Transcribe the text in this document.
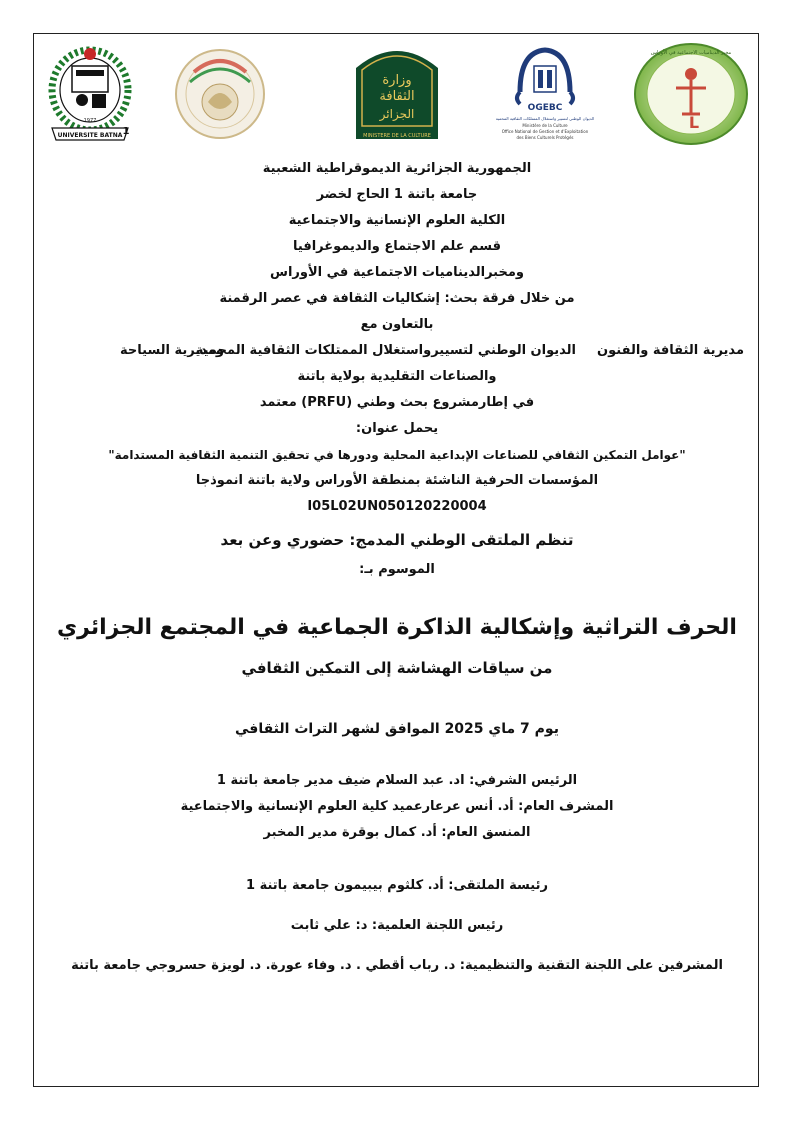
UNIVERSITE BATNA
1977
1
وزارة
الثقافة
الجزائر
MINISTERE DE LA CULTURE
OGEBC
الديوان الوطني لتسيير واستغلال الممتلكات الثقافية المحمية
Ministère de la Culture
Office National de Gestion et d'Exploitation
des Biens Culturels Protégés
L
مخبر الديناميات الاجتماعية في الأوراس
الجمهورية الجزائرية الديموقراطية الشعبية
جامعة باتنة 1 الحاج لخضر
الكلية العلوم الإنسانية والاجتماعية
قسم علم الاجتماع والديموغرافيا
ومخبرالديناميات الاجتماعية في الأوراس
من خلال فرقة بحث: إشكاليات الثقافة في عصر الرقمنة
بالتعاون مع
مديرية الثقافة والفنون
الديوان الوطني لتسييرواستغلال الممتلكات الثقافية المحمية
ومديرية السياحة
والصناعات التقليدية بولاية باتنة
في إطارمشروع بحث وطني (PRFU) معتمد
يحمل عنوان:
"عوامل التمكين الثقافي للصناعات الإبداعية المحلية ودورها في تحقيق التنمية الثقافية المستدامة"
المؤسسات الحرفية الناشئة بمنطقة الأوراس ولاية باتنة انموذجا
I05L02UN050120220004
تنظم الملتقى الوطني المدمج: حضوري وعن بعد
الموسوم بـ:
الحرف التراثية وإشكالية الذاكرة الجماعية في المجتمع الجزائري
من سياقات الهشاشة إلى التمكين الثقافي
يوم 7 ماي 2025 الموافق لشهر التراث الثقافي
الرئيس الشرفي: اد. عبد السلام ضيف مدير جامعة باتنة 1
المشرف العام: أد. أنس عرعارعميد كلية العلوم الإنسانية والاجتماعية
المنسق العام: أد. كمال بوقرة مدير المخبر
رئيسة الملتقى: أد. كلثوم بيبيمون جامعة باتنة 1
رئيس اللجنة العلمية: د: علي ثابت
المشرفين على اللجنة التقنية والتنظيمية: د. رباب أقطي . د. وفاء عورة. د. لويزة حسروجي جامعة باتنة
